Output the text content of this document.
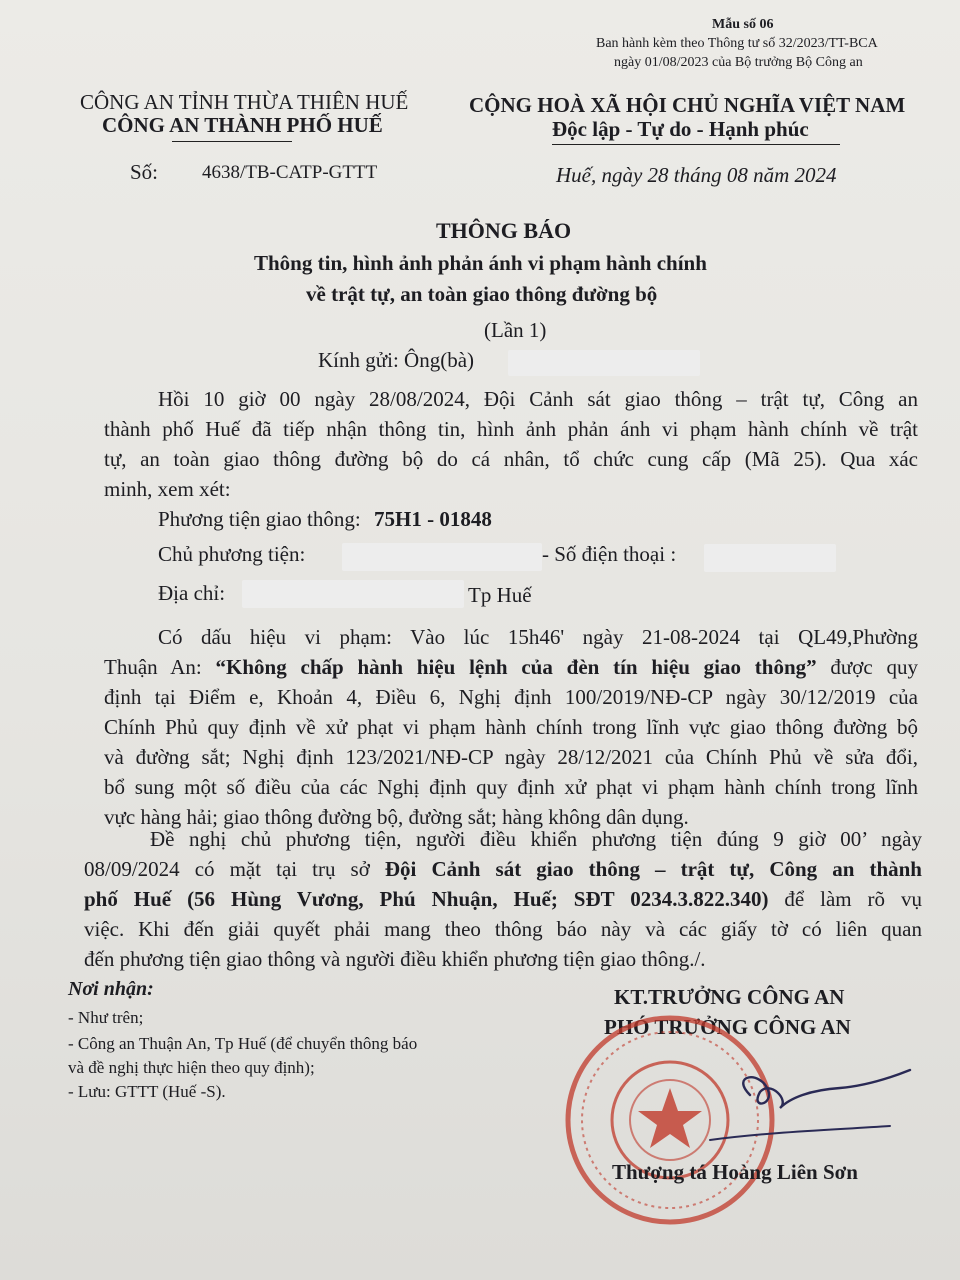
Mẫu số 06
Ban hành kèm theo Thông tư số 32/2023/TT-BCA
ngày 01/08/2023 của Bộ trưởng Bộ Công an
CÔNG AN TỈNH THỪA THIÊN HUẾ
CÔNG AN THÀNH PHỐ HUẾ
CỘNG HOÀ XÃ HỘI CHỦ NGHĨA VIỆT NAM
Độc lập - Tự do - Hạnh phúc
Số: 4638/TB-CATP-GTTT	Huế, ngày 28 tháng 08 năm 2024
THÔNG BÁO
Thông tin, hình ảnh phản ánh vi phạm hành chính
về trật tự, an toàn giao thông đường bộ
(Lần 1)
Kính gửi: Ông(bà)
Hồi 10 giờ 00 ngày 28/08/2024, Đội Cảnh sát giao thông – trật tự, Công an
thành phố Huế đã tiếp nhận thông tin, hình ảnh phản ánh vi phạm hành chính về trật
tự, an toàn giao thông đường bộ do cá nhân, tổ chức cung cấp (Mã 25). Qua xác
minh, xem xét:
Phương tiện giao thông: 75H1 - 01848
Chủ phương tiện:	- Số điện thoại :
Địa chỉ:	Tp Huế
Có dấu hiệu vi phạm: Vào lúc 15h46' ngày 21-08-2024 tại QL49,Phường
Thuận An: “Không chấp hành hiệu lệnh của đèn tín hiệu giao thông” được quy
định tại Điểm e, Khoản 4, Điều 6, Nghị định 100/2019/NĐ-CP ngày 30/12/2019 của
Chính Phủ quy định về xử phạt vi phạm hành chính trong lĩnh vực giao thông đường bộ
và đường sắt; Nghị định 123/2021/NĐ-CP ngày 28/12/2021 của Chính Phủ về sửa đổi,
bổ sung một số điều của các Nghị định quy định xử phạt vi phạm hành chính trong lĩnh
vực hàng hải; giao thông đường bộ, đường sắt; hàng không dân dụng.
Đề nghị chủ phương tiện, người điều khiển phương tiện đúng 9 giờ 00’ ngày
08/09/2024 có mặt tại trụ sở Đội Cảnh sát giao thông – trật tự, Công an thành
phố Huế (56 Hùng Vương, Phú Nhuận, Huế; SĐT 0234.3.822.340) để làm rõ vụ
việc. Khi đến giải quyết phải mang theo thông báo này và các giấy tờ có liên quan
đến phương tiện giao thông và người điều khiển phương tiện giao thông./.
Nơi nhận:
- Như trên;
- Công an Thuận An, Tp Huế (để chuyển thông báo
và đề nghị thực hiện theo quy định);
- Lưu: GTTT (Huế -S).
KT.TRƯỞNG CÔNG AN
PHÓ TRƯỞNG CÔNG AN
Thượng tá Hoàng Liên Sơn
